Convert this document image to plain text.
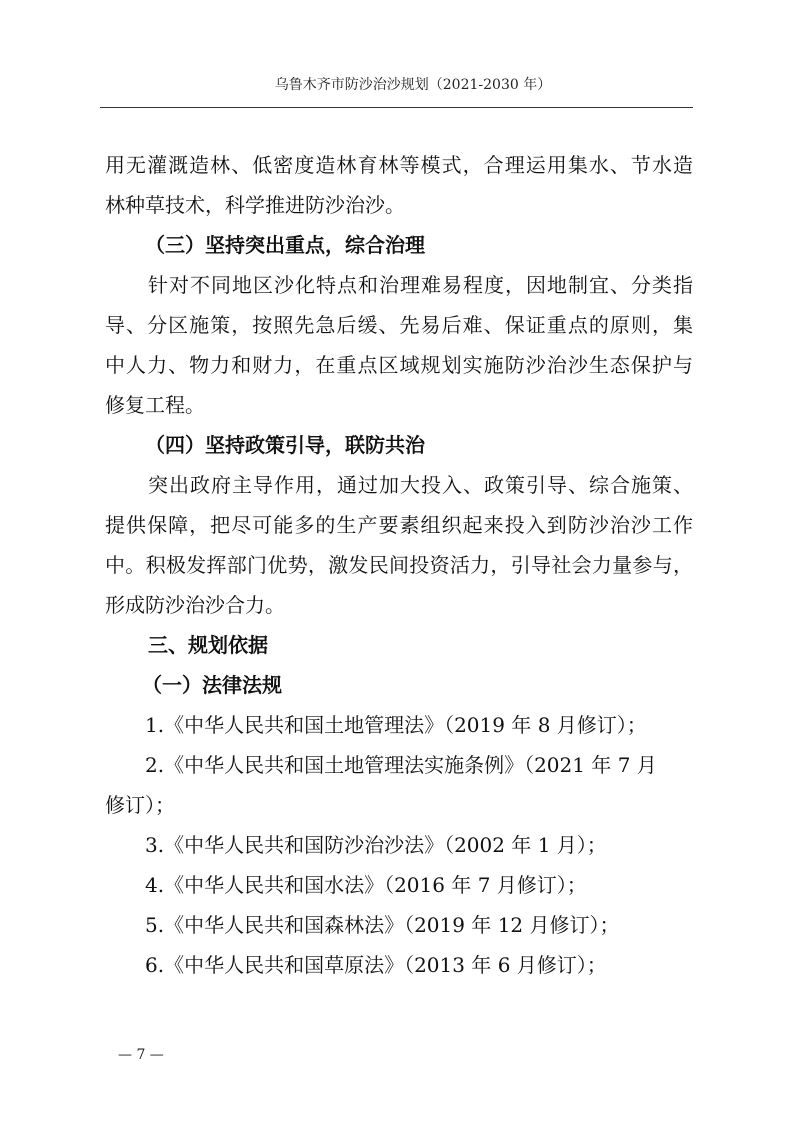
乌鲁木齐市防沙治沙规划（2021-2030 年）
用无灌溉造林、低密度造林育林等模式，合理运用集水、节水造
林种草技术，科学推进防沙治沙。
（三）坚持突出重点，综合治理
针对不同地区沙化特点和治理难易程度，因地制宜、分类指
导、分区施策，按照先急后缓、先易后难、保证重点的原则，集
中人力、物力和财力，在重点区域规划实施防沙治沙生态保护与
修复工程。
（四）坚持政策引导，联防共治
突出政府主导作用，通过加大投入、政策引导、综合施策、
提供保障，把尽可能多的生产要素组织起来投入到防沙治沙工作
中。积极发挥部门优势，激发民间投资活力，引导社会力量参与，
形成防沙治沙合力。
三、规划依据
（一）法律法规
1.《中华人民共和国土地管理法》（2019 年 8 月修订）；
2.《中华人民共和国土地管理法实施条例》（2021 年 7 月
修订）；
3.《中华人民共和国防沙治沙法》（2002 年 1 月）；
4.《中华人民共和国水法》（2016 年 7 月修订）；
5.《中华人民共和国森林法》（2019 年 12 月修订）；
6.《中华人民共和国草原法》（2013 年 6 月修订）；
— 7 —
